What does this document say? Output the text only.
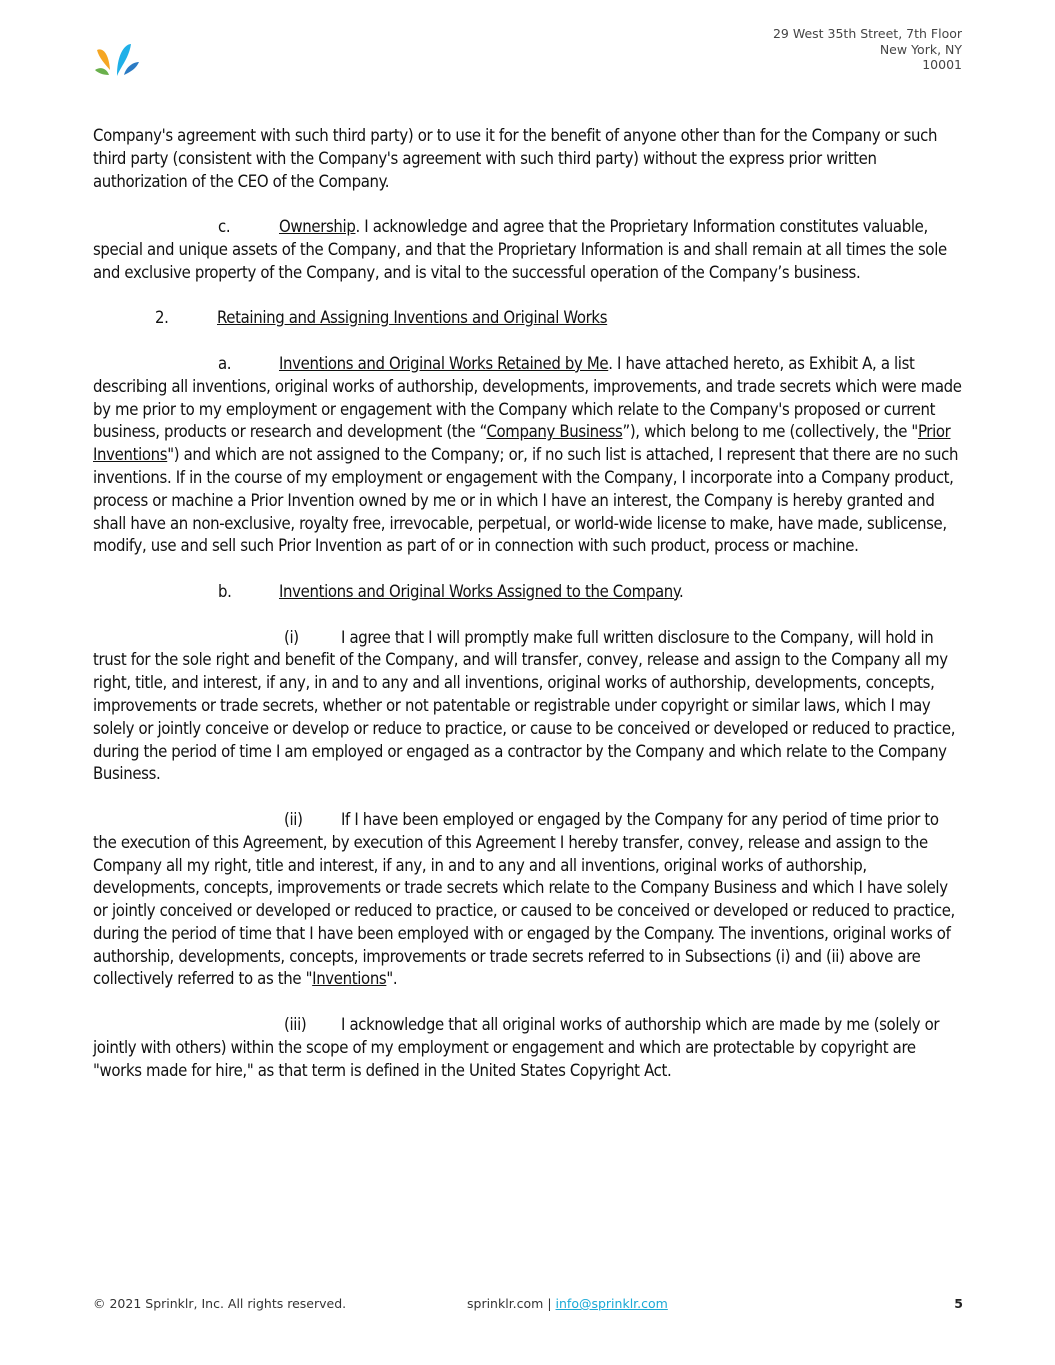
29 West 35th Street, 7th Floor
New York, NY
10001

Company's agreement with such third party) or to use it for the benefit of anyone other than for the Company or such third party (consistent with the Company's agreement with such third party) without the express prior written authorization of the CEO of the Company.

c.	Ownership. I acknowledge and agree that the Proprietary Information constitutes valuable, special and unique assets of the Company, and that the Proprietary Information is and shall remain at all times the sole and exclusive property of the Company, and is vital to the successful operation of the Company’s business.

2.	Retaining and Assigning Inventions and Original Works

a.	Inventions and Original Works Retained by Me. I have attached hereto, as Exhibit A, a list describing all inventions, original works of authorship, developments, improvements, and trade secrets which were made by me prior to my employment or engagement with the Company which relate to the Company's proposed or current business, products or research and development (the “Company Business”), which belong to me (collectively, the "Prior Inventions") and which are not assigned to the Company; or, if no such list is attached, I represent that there are no such inventions. If in the course of my employment or engagement with the Company, I incorporate into a Company product, process or machine a Prior Invention owned by me or in which I have an interest, the Company is hereby granted and shall have an non-exclusive, royalty free, irrevocable, perpetual, or world-wide license to make, have made, sublicense, modify, use and sell such Prior Invention as part of or in connection with such product, process or machine.

b.	Inventions and Original Works Assigned to the Company.

(i)	I agree that I will promptly make full written disclosure to the Company, will hold in trust for the sole right and benefit of the Company, and will transfer, convey, release and assign to the Company all my right, title, and interest, if any, in and to any and all inventions, original works of authorship, developments, concepts, improvements or trade secrets, whether or not patentable or registrable under copyright or similar laws, which I may solely or jointly conceive or develop or reduce to practice, or cause to be conceived or developed or reduced to practice, during the period of time I am employed or engaged as a contractor by the Company and which relate to the Company Business.

(ii) If I have been employed or engaged by the Company for any period of time prior to the execution of this Agreement, by execution of this Agreement I hereby transfer, convey, release and assign to the Company all my right, title and interest, if any, in and to any and all inventions, original works of authorship, developments, concepts, improvements or trade secrets which relate to the Company Business and which I have solely or jointly conceived or developed or reduced to practice, or caused to be conceived or developed or reduced to practice, during the period of time that I have been employed with or engaged by the Company. The inventions, original works of authorship, developments, concepts, improvements or trade secrets referred to in Subsections (i) and (ii) above are collectively referred to as the "Inventions".

(iii) I acknowledge that all original works of authorship which are made by me (solely or jointly with others) within the scope of my employment or engagement and which are protectable by copyright are "works made for hire," as that term is defined in the United States Copyright Act.

© 2021 Sprinklr, Inc. All rights reserved.	sprinklr.com | info@sprinklr.com	5
